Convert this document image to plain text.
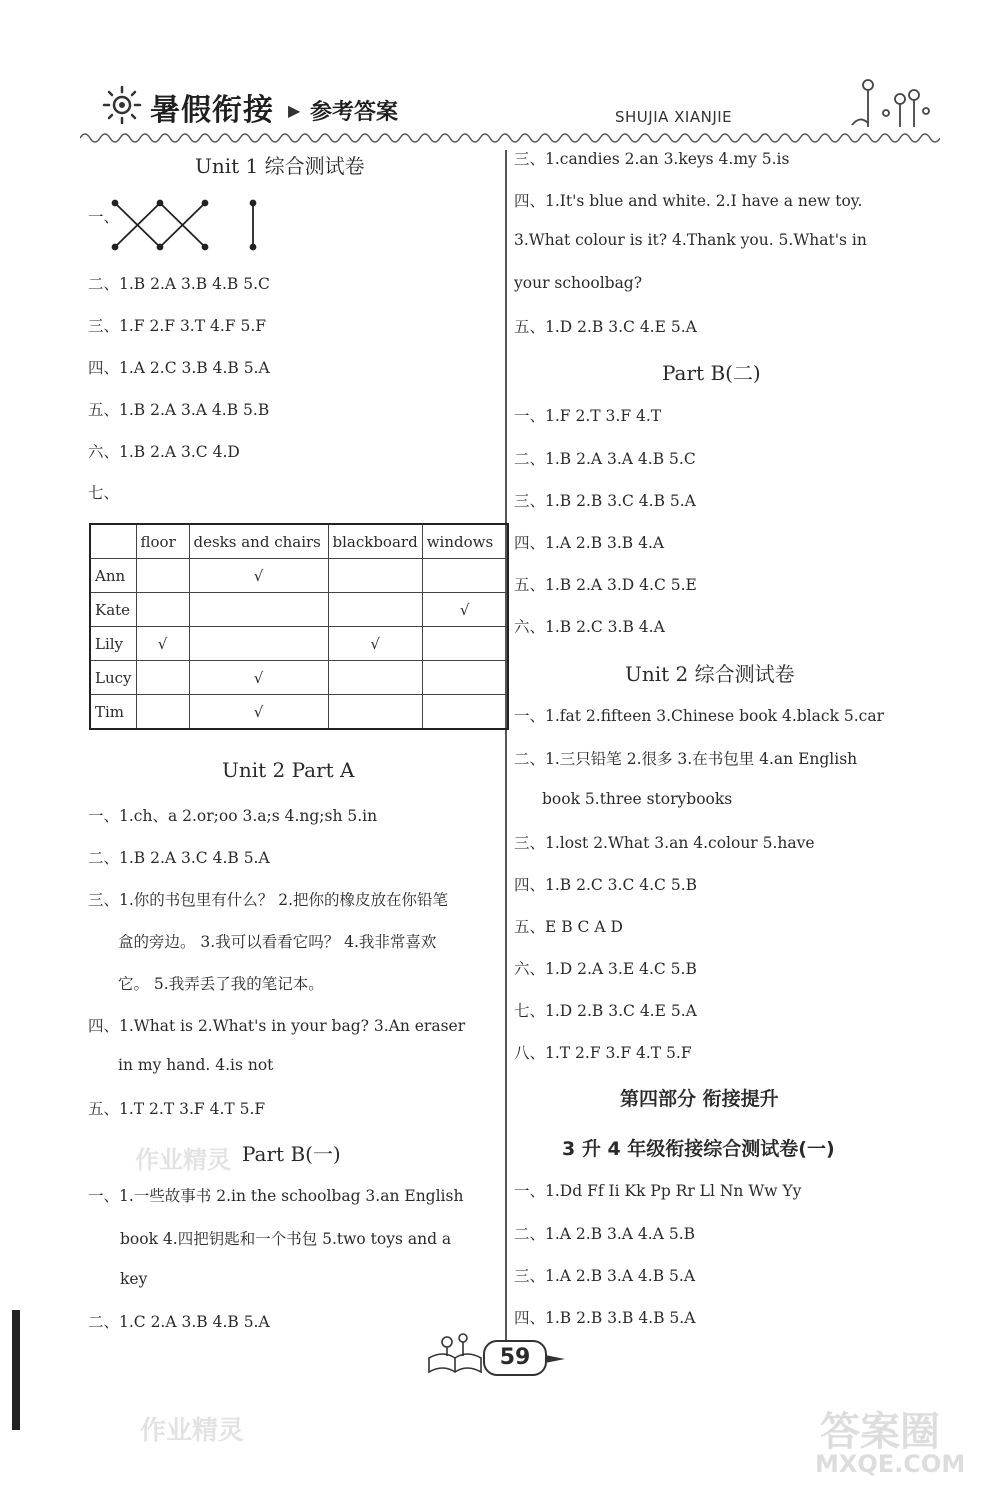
暑假衔接 ▶ 参考答案	SHUJIA XIANJIE
Unit 1 综合测试卷
一、
二、1.B 2.A 3.B 4.B 5.C
三、1.F 2.F 3.T 4.F 5.F
四、1.A 2.C 3.B 4.B 5.A
五、1.B 2.A 3.A 4.B 5.B
六、1.B 2.A 3.C 4.D
七、
	floor	desks and chairs	blackboard	windows
Ann		√		
Kate				√
Lily	√		√	
Lucy		√		
Tim		√		
Unit 2 Part A
一、1.ch、a 2.or;oo 3.a;s 4.ng;sh 5.in
二、1.B 2.A 3.C 4.B 5.A
三、1.你的书包里有什么？ 2.把你的橡皮放在你铅笔
盒的旁边。 3.我可以看看它吗？ 4.我非常喜欢
它。 5.我弄丢了我的笔记本。
四、1.What is 2.What's in your bag? 3.An eraser
in my hand. 4.is not
五、1.T 2.T 3.F 4.T 5.F
Part B(一)
一、1.一些故事书 2.in the schoolbag 3.an English
book 4.四把钥匙和一个书包 5.two toys and a
key
二、1.C 2.A 3.B 4.B 5.A
三、1.candies 2.an 3.keys 4.my 5.is
四、1.It's blue and white. 2.I have a new toy.
3.What colour is it? 4.Thank you. 5.What's in
your schoolbag?
五、1.D 2.B 3.C 4.E 5.A
Part B(二)
一、1.F 2.T 3.F 4.T
二、1.B 2.A 3.A 4.B 5.C
三、1.B 2.B 3.C 4.B 5.A
四、1.A 2.B 3.B 4.A
五、1.B 2.A 3.D 4.C 5.E
六、1.B 2.C 3.B 4.A
Unit 2 综合测试卷
一、1.fat 2.fifteen 3.Chinese book 4.black 5.car
二、1.三只铅笔 2.很多 3.在书包里 4.an English
book 5.three storybooks
三、1.lost 2.What 3.an 4.colour 5.have
四、1.B 2.C 3.C 4.C 5.B
五、E B C A D
六、1.D 2.A 3.E 4.C 5.B
七、1.D 2.B 3.C 4.E 5.A
八、1.T 2.F 3.F 4.T 5.F
第四部分 衔接提升
3 升 4 年级衔接综合测试卷(一)
一、1.Dd Ff Ii Kk Pp Rr Ll Nn Ww Yy
二、1.A 2.B 3.A 4.A 5.B
三、1.A 2.B 3.A 4.B 5.A
四、1.B 2.B 3.B 4.B 5.A
59
作业精灵
作业精灵	答案圈
MXQE.COM
